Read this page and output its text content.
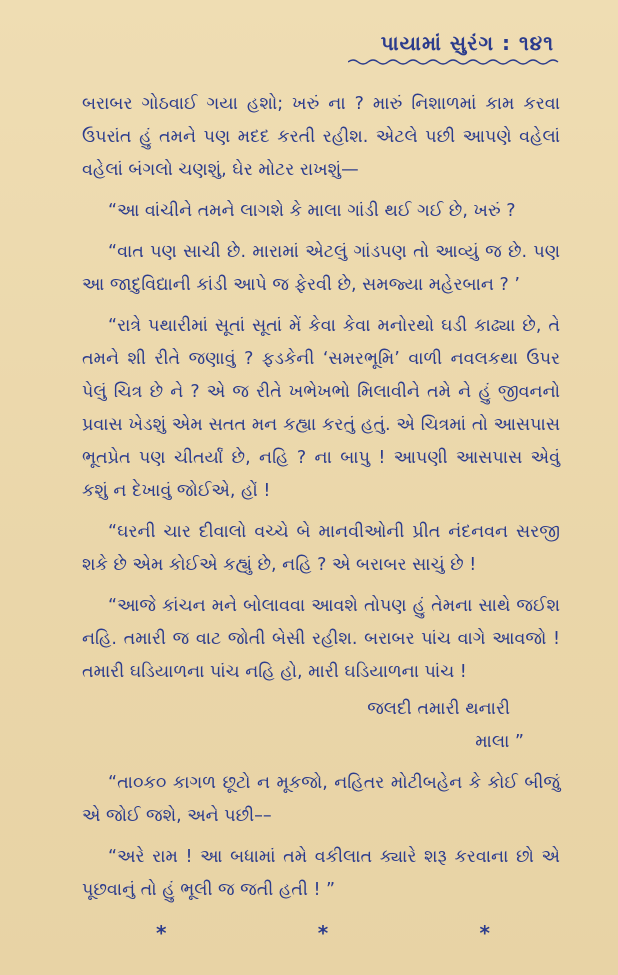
પાયામાં સુરંગ : ૧૪૧

બરાબર ગોઠવાઈ ગયા હશો; ખરું ના ? મારું નિશાળમાં કામ કરવા ઉપરાંત હું તમને પણ મદદ કરતી રહીશ. એટલે પછી આપણે વહેલાં વહેલાં બંગલો ચણશું, ઘેર મોટર રાખશું—

“આ વાંચીને તમને લાગશે કે માલા ગાંડી થઈ ગઈ છે, ખરું ?

“વાત પણ સાચી છે. મારામાં એટલું ગાંડપણ તો આવ્યું જ છે. પણ આ જાદુવિદ્યાની કાંડી આપે જ ફેરવી છે, સમજ્યા મહેરબાન ? ’

“રાત્રે પથારીમાં સૂતાં સૂતાં મેં કેવા કેવા મનોરથો ઘડી કાઢ્યા છે, તે તમને શી રીતે જણાવું ? ફડકેની ‘સમરભૂમિ’ વાળી નવલકથા ઉપર પેલું ચિત્ર છે ને ? એ જ રીતે ખભેખભો મિલાવીને તમે ને હું જીવનનો પ્રવાસ ખેડશું એમ સતત મન કહ્યા કરતું હતું. એ ચિત્રમાં તો આસપાસ ભૂતપ્રેત પણ ચીતર્યાં છે, નહિ ? ના બાપુ ! આપણી આસપાસ એવું કશું ન દેખાવું જોઈએ, હોં !

“ઘરની ચાર દીવાલો વચ્ચે બે માનવીઓની પ્રીત નંદનવન સરજી શકે છે એમ કોઈએ કહ્યું છે, નહિ ? એ બરાબર સાચું છે !

“આજે કાંચન મને બોલાવવા આવશે તોપણ હું તેમના સાથે જઈશ નહિ. તમારી જ વાટ જોતી બેસી રહીશ. બરાબર પાંચ વાગે આવજો ! તમારી ઘડિયાળના પાંચ નહિ હો, મારી ઘડિયાળના પાંચ !

જલદી તમારી થનારી
માલા ”

“તા૦ક૦ કાગળ છૂટો ન મૂકજો, નહિતર મોટીબહેન કે કોઈ બીજું એ જોઈ જશે, અને પછી––

“અરે રામ ! આ બધામાં તમે વકીલાત ક્યારે શરૂ કરવાના છો એ પૂછવાનું તો હું ભૂલી જ જતી હતી ! ”

*	*	*
